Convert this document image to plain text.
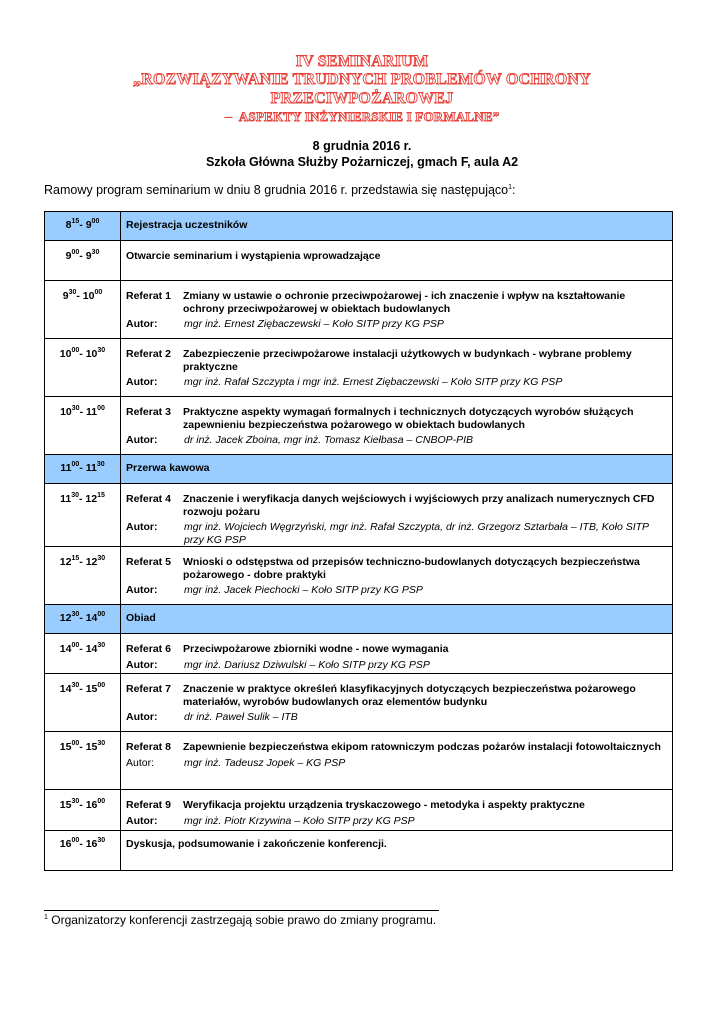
IV SEMINARIUM
„ROZWIĄZYWANIE TRUDNYCH PROBLEMÓW OCHRONY
PRZECIWPOŻAROWEJ
– ASPEKTY INŻYNIERSKIE I FORMALNE”
8 grudnia 2016 r.
Szkoła Główna Służby Pożarniczej, gmach F, aula A2
Ramowy program seminarium w dniu 8 grudnia 2016 r. przedstawia się następująco$^1$:
$8^{15}-$ $9^{00}$	Rejestracja uczestników
$9^{00}-$ $9^{30}$	Otwarcie seminarium i wystąpienia wprowadzające
$9^{30}-$ $10^{00}$	Referat 1 Zmiany w ustawie o ochronie przeciwpożarowej - ich znaczenie i wpływ na kształtowanie ochrony przeciwpożarowej w obiektach budowlanych
Autor: mgr inż. Ernest Ziębaczewski – Koło SITP przy KG PSP

$10^{00}-$ $10^{30}$	Referat 2 Zabezpieczenie przeciwpożarowe instalacji użytkowych w budynkach - wybrane problemy praktyczne
Autor: mgr inż. Rafał Szczypta i mgr inż. Ernest Ziębaczewski – Koło SITP przy KG PSP

$10^{30}-$ $11^{00}$	Referat 3 Praktyczne aspekty wymagań formalnych i technicznych dotyczących wyrobów służących zapewnieniu bezpieczeństwa pożarowego w obiektach budowlanych
Autor: dr inż. Jacek Zboina, mgr inż. Tomasz Kiełbasa – CNBOP-PIB

$11^{00}-$ $11^{30}$	Przerwa kawowa
$11^{30}-$ $12^{15}$	Referat 4 Znaczenie i weryfikacja danych wejściowych i wyjściowych przy analizach numerycznych CFD rozwoju pożaru
Autor: mgr inż. Wojciech Węgrzyński, mgr inż. Rafał Szczypta, dr inż. Grzegorz Sztarbała – ITB, Koło SITP przy KG PSP

$12^{15}-$ $12^{30}$	Referat 5 Wnioski o odstępstwa od przepisów techniczno-budowlanych dotyczących bezpieczeństwa pożarowego - dobre praktyki
Autor: mgr inż. Jacek Piechocki – Koło SITP przy KG PSP

$12^{30}-$ $14^{00}$	Obiad
$14^{00}-$ $14^{30}$	Referat 6 Przeciwpożarowe zbiorniki wodne - nowe wymagania
Autor: mgr inż. Dariusz Dziwulski – Koło SITP przy KG PSP

$14^{30}-$ $15^{00}$	Referat 7 Znaczenie w praktyce określeń klasyfikacyjnych dotyczących bezpieczeństwa pożarowego materiałów, wyrobów budowlanych oraz elementów budynku
Autor: dr inż. Paweł Sulik – ITB

$15^{00}-$ $15^{30}$	Referat 8 Zapewnienie bezpieczeństwa ekipom ratowniczym podczas pożarów instalacji fotowoltaicznych
Autor: mgr inż. Tadeusz Jopek – KG PSP

$15^{30}-$ $16^{00}$	Referat 9 Weryfikacja projektu urządzenia tryskaczowego - metodyka i aspekty praktyczne
Autor: mgr inż. Piotr Krzywina – Koło SITP przy KG PSP

$16^{00}-$ $16^{30}$	Dyskusja, podsumowanie i zakończenie konferencji.
$^1$ Organizatorzy konferencji zastrzegają sobie prawo do zmiany programu.
